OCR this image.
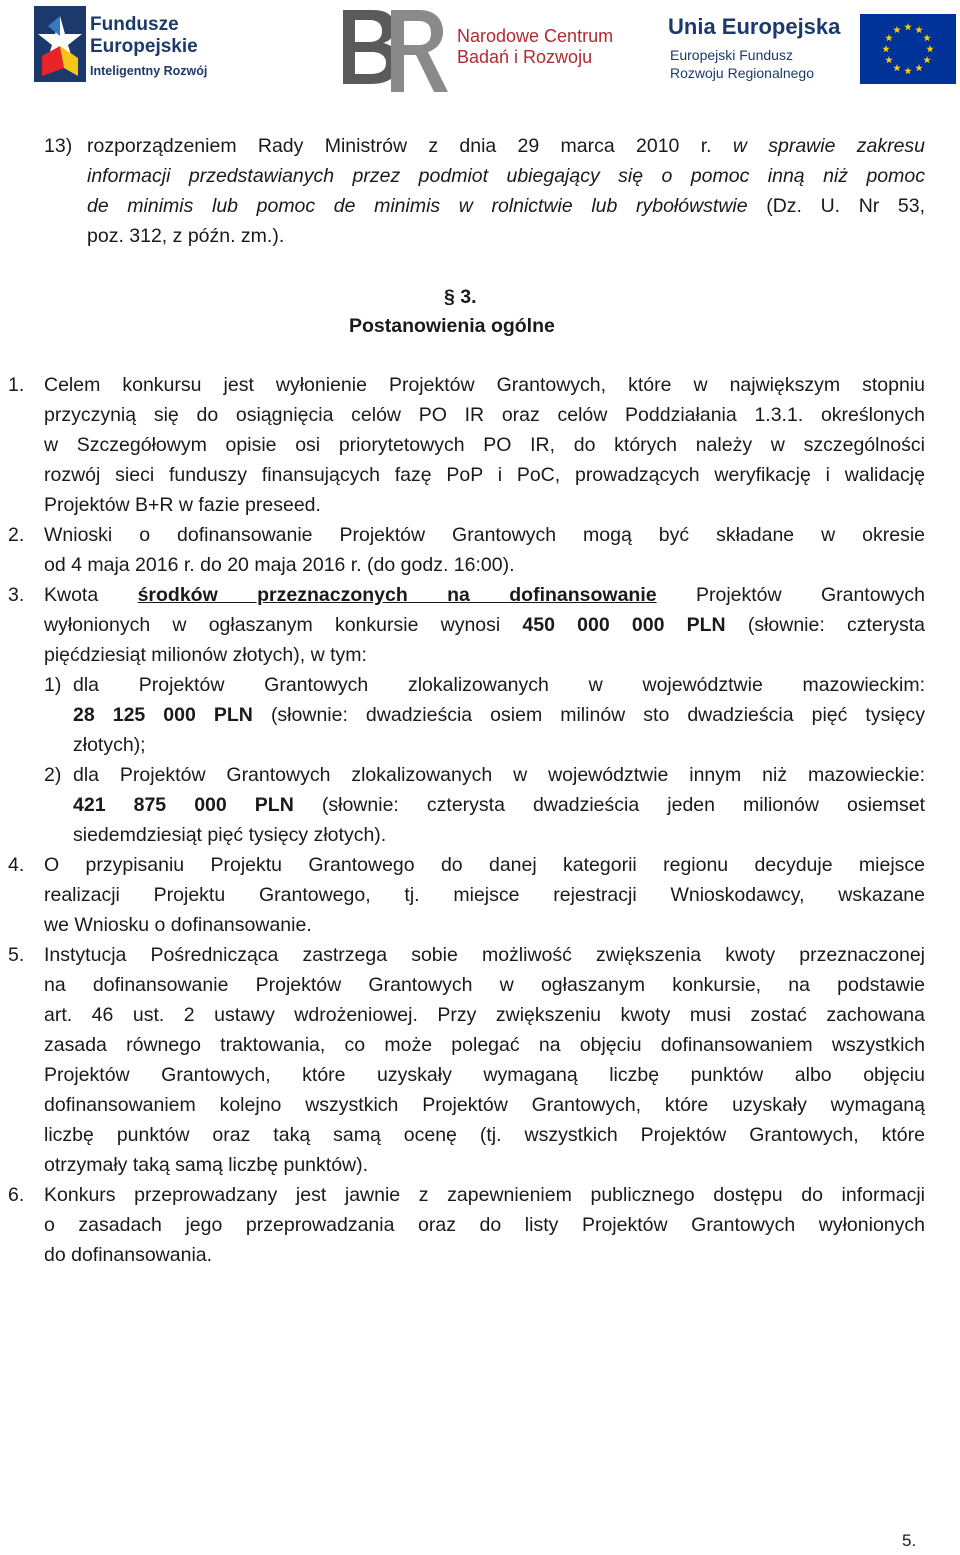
Fundusze
Europejskie
Inteligentny Rozwój
Narodowe Centrum
Badań i Rozwoju
Unia Europejska
Europejski Fundusz
Rozwoju Regionalnego
13) rozporządzeniem Rady Ministrów z dnia 29 marca 2010 r. w sprawie zakresu
informacji przedstawianych przez podmiot ubiegający się o pomoc inną niż pomoc
de minimis lub pomoc de minimis w rolnictwie lub rybołówstwie (Dz. U. Nr 53,
poz. 312, z późn. zm.).
§ 3.
Postanowienia ogólne
1. Celem konkursu jest wyłonienie Projektów Grantowych, które w największym stopniu
przyczynią się do osiągnięcia celów PO IR oraz celów Poddziałania 1.3.1. określonych
w Szczegółowym opisie osi priorytetowych PO IR, do których należy w szczególności
rozwój sieci funduszy finansujących fazę PoP i PoC, prowadzących weryfikację i walidację
Projektów B+R w fazie preseed.
2. Wnioski o dofinansowanie Projektów Grantowych mogą być składane w okresie
od 4 maja 2016 r. do 20 maja 2016 r. (do godz. 16:00).
3. Kwota środków przeznaczonych na dofinansowanie Projektów Grantowych
wyłonionych w ogłaszanym konkursie wynosi 450 000 000 PLN (słownie: czterysta
pięćdziesiąt milionów złotych), w tym:
1) dla Projektów Grantowych zlokalizowanych w województwie mazowieckim:
28 125 000 PLN (słownie: dwadzieścia osiem milinów sto dwadzieścia pięć tysięcy
złotych);
2) dla Projektów Grantowych zlokalizowanych w województwie innym niż mazowieckie:
421 875 000 PLN (słownie: czterysta dwadzieścia jeden milionów osiemset
siedemdziesiąt pięć tysięcy złotych).
4. O przypisaniu Projektu Grantowego do danej kategorii regionu decyduje miejsce
realizacji Projektu Grantowego, tj. miejsce rejestracji Wnioskodawcy, wskazane
we Wniosku o dofinansowanie.
5. Instytucja Pośrednicząca zastrzega sobie możliwość zwiększenia kwoty przeznaczonej
na dofinansowanie Projektów Grantowych w ogłaszanym konkursie, na podstawie
art. 46 ust. 2 ustawy wdrożeniowej. Przy zwiększeniu kwoty musi zostać zachowana
zasada równego traktowania, co może polegać na objęciu dofinansowaniem wszystkich
Projektów Grantowych, które uzyskały wymaganą liczbę punktów albo objęciu
dofinansowaniem kolejno wszystkich Projektów Grantowych, które uzyskały wymaganą
liczbę punktów oraz taką samą ocenę (tj. wszystkich Projektów Grantowych, które
otrzymały taką samą liczbę punktów).
6. Konkurs przeprowadzany jest jawnie z zapewnieniem publicznego dostępu do informacji
o zasadach jego przeprowadzania oraz do listy Projektów Grantowych wyłonionych
do dofinansowania.
5.
